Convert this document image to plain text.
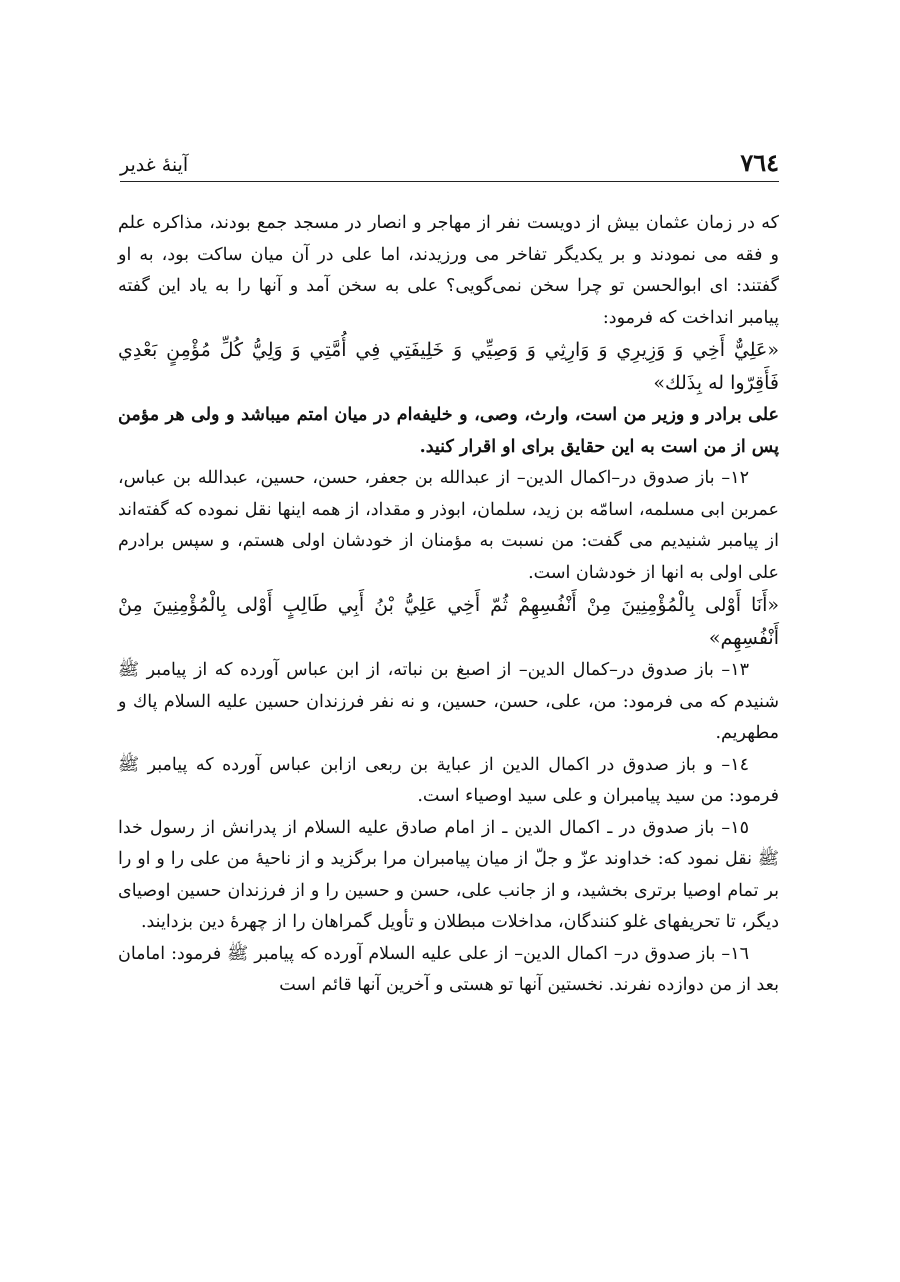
٧٦٤
آینهٔ غدیر

كه در زمان عثمان بیش از دویست نفر از مهاجر و انصار در مسجد جمع بودند، مذاكره علم و فقه می نمودند و بر یكدیگر تفاخر می ورزیدند، اما علی در آن میان ساكت بود، به او گفتند: ای ابوالحسن تو چرا سخن نمی‌گویی؟ علی به سخن آمد و آنها را به یاد این گفته پیامبر انداخت كه فرمود:

«عَلِيٌّ أَخِي وَ وَزِيرِي وَ وَارِثِي وَ وَصِيِّي وَ خَلِيفَتِي فِي أُمَّتِي وَ وَلِيُّ كُلِّ مُؤْمِنٍ بَعْدِي فَأَقِرّوا له بِذَلك»

علی برادر و وزیر من است، وارث، وصی، و خلیفه‌ام در میان امتم میباشد و ولی هر مؤمن پس از من است به این حقایق برای او اقرار كنید.

١٢– باز صدوق در–اكمال الدین– از عبدالله بن جعفر، حسن، حسین، عبدالله بن عباس، عمربن ابی مسلمه، اسامّه بن زید، سلمان، ابوذر و مقداد، از همه اینها نقل نموده كه گفته‌اند از پیامبر شنیدیم می گفت: من نسبت به مؤمنان از خودشان اولی هستم، و سپس برادرم علی اولی به انها از خودشان است.

«أَنَا أَوْلى بِالْمُؤْمِنِينَ مِنْ أَنْفُسِهِمْ ثُمّ أَخِي عَلِيُّ بْنُ أَبِي طَالِبٍ أَوْلى بِالْمُؤْمِنِينَ مِنْ أَنْفُسِهِم»

١٣– باز صدوق در–كمال الدین– از اصبغ بن نباته، از ابن عباس آورده كه از پیامبر ﷺ شنیدم كه می فرمود: من، علی، حسن، حسین، و نه نفر فرزندان حسین علیه السلام پاك و مطهریم.

١٤– و باز صدوق در اكمال الدین از عبایة بن ربعی ازابن عباس آورده كه پیامبر ﷺ فرمود: من سید پیامبران و علی سید اوصیاء است.

١٥– باز صدوق در ـ اكمال الدین ـ از امام صادق علیه السلام از پدرانش از رسول خدا ﷺ نقل نمود كه: خداوند عزّ و جلّ از میان پیامبران مرا برگزید و از ناحیهٔ من علی را و او را بر تمام اوصیا برتری بخشید، و از جانب علی، حسن و حسین را و از فرزندان حسین اوصیای دیگر، تا تحریفهای غلو كنندگان، مداخلات مبطلان و تأویل گمراهان را از چهرهٔ دین بزدایند.

١٦– باز صدوق در– اكمال الدین– از علی علیه السلام آورده كه پیامبر ﷺ فرمود: امامان بعد از من دوازده نفرند. نخستین آنها تو هستی و آخرین آنها قائم است
